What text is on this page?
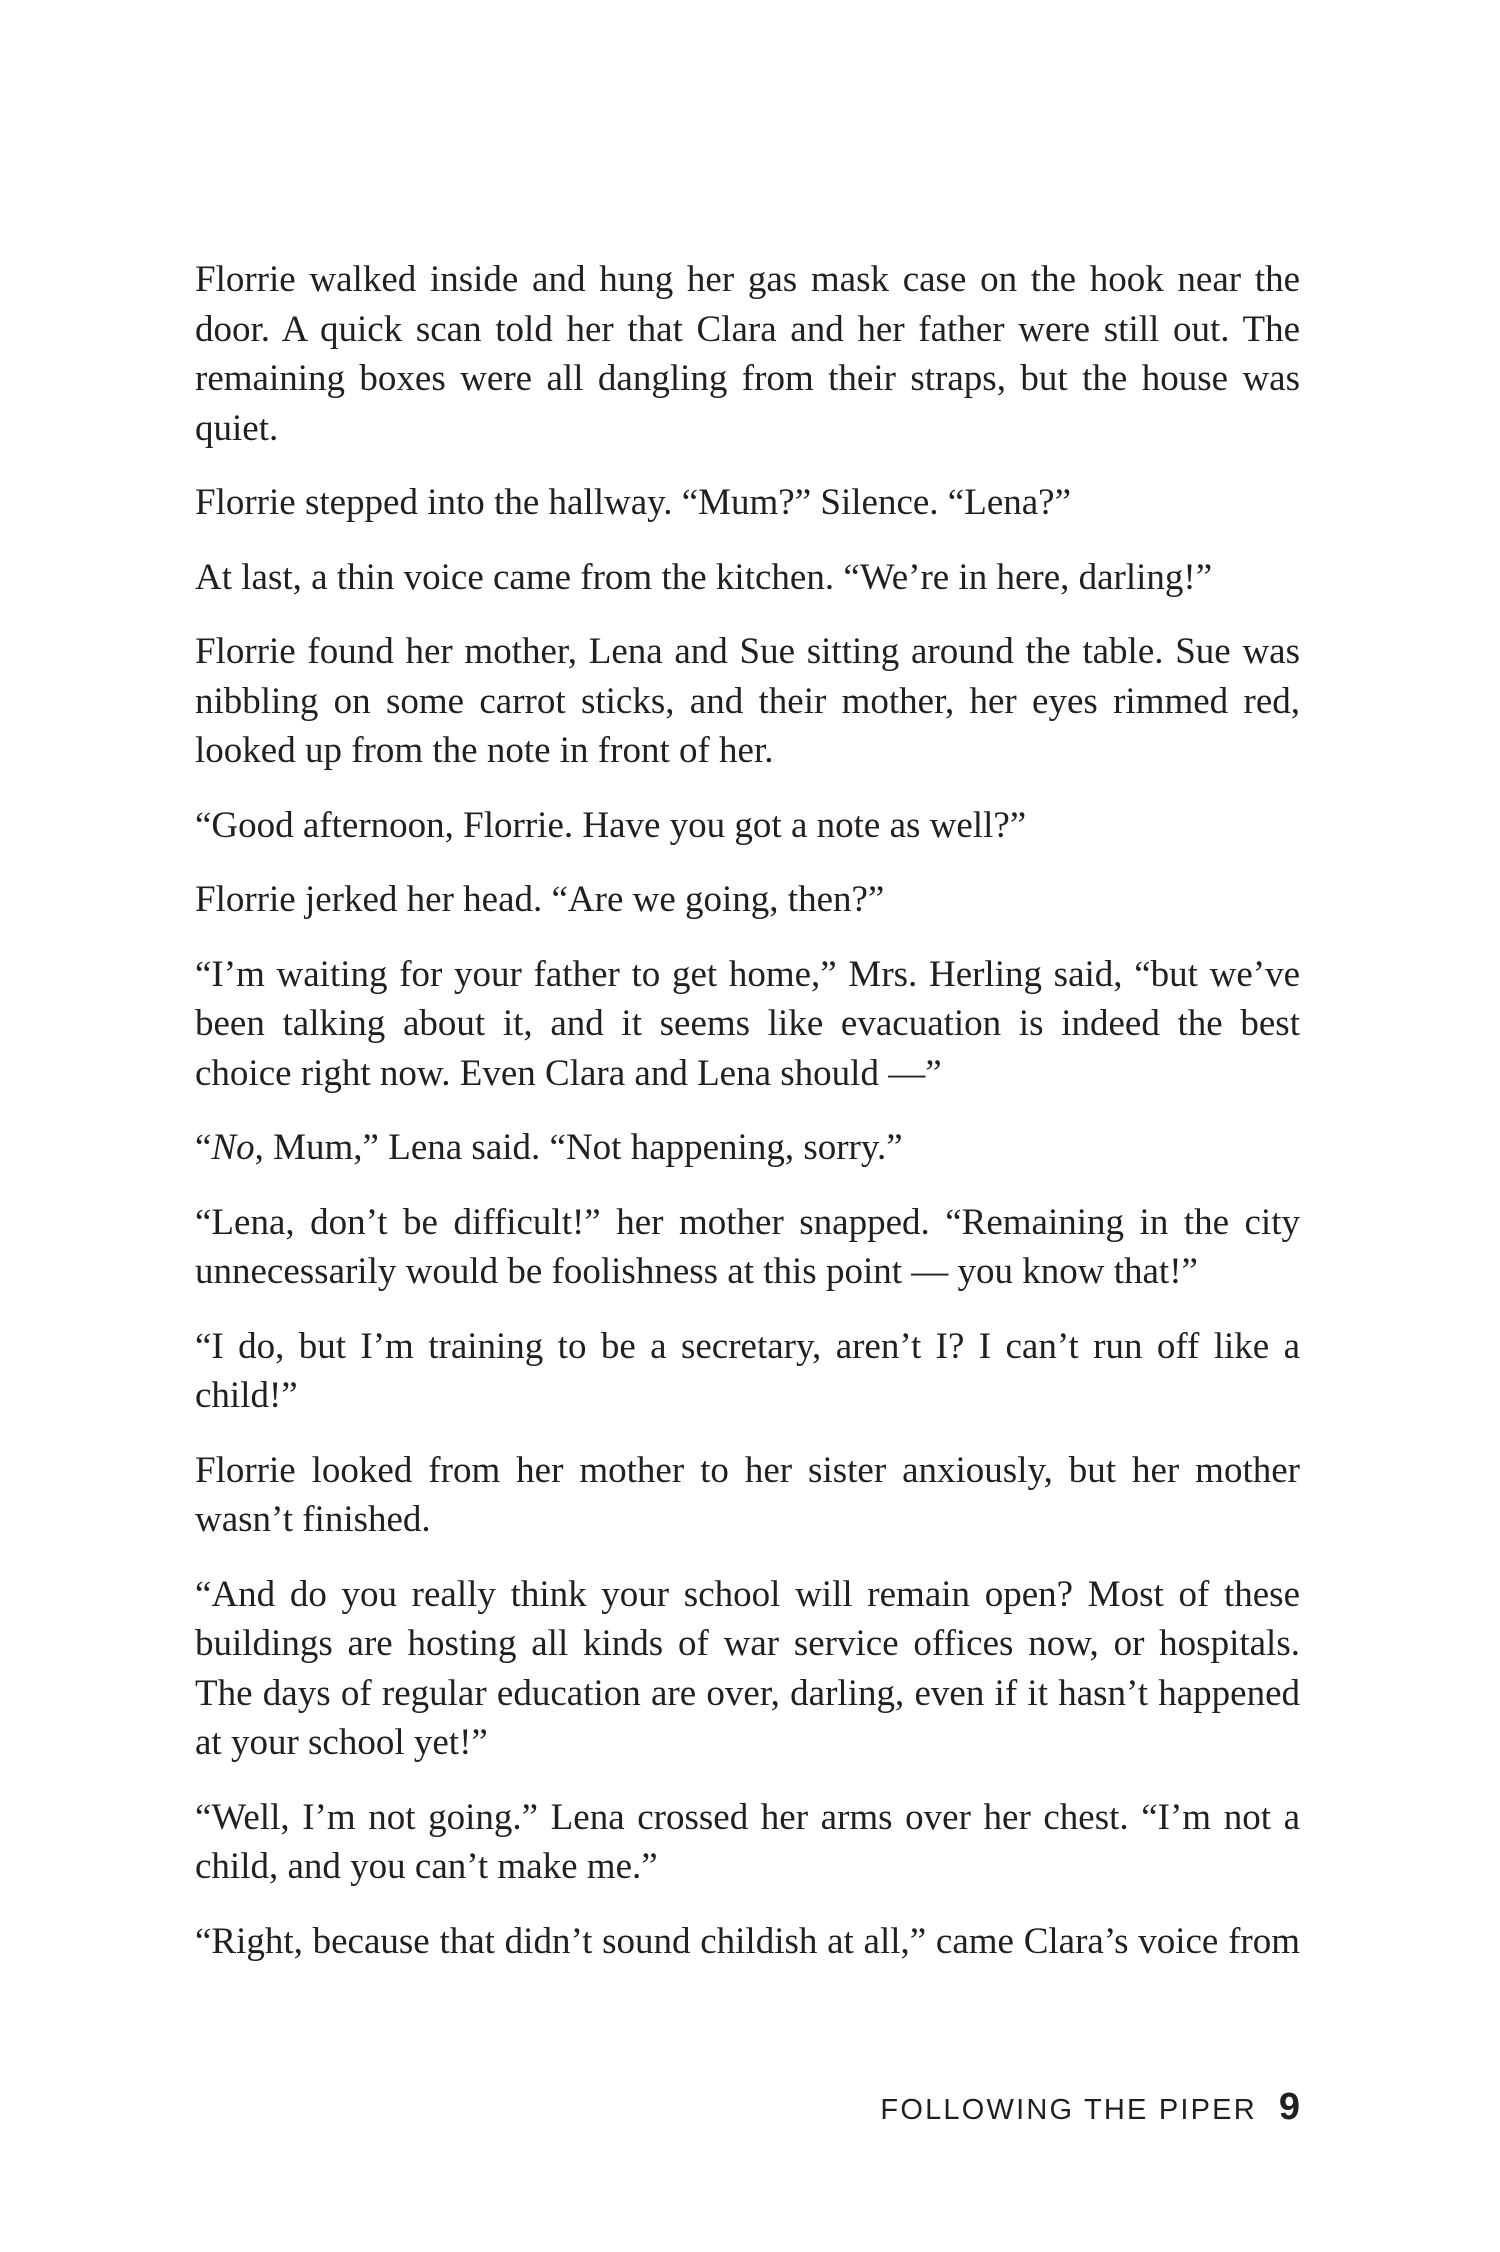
Florrie walked inside and hung her gas mask case on the hook near the door. A quick scan told her that Clara and her father were still out. The remaining boxes were all dangling from their straps, but the house was quiet.

Florrie stepped into the hallway. “Mum?” Silence. “Lena?”

At last, a thin voice came from the kitchen. “We’re in here, darling!”

Florrie found her mother, Lena and Sue sitting around the table. Sue was nibbling on some carrot sticks, and their mother, her eyes rimmed red, looked up from the note in front of her.

“Good afternoon, Florrie. Have you got a note as well?”

Florrie jerked her head. “Are we going, then?”

“I’m waiting for your father to get home,” Mrs. Herling said, “but we’ve been talking about it, and it seems like evacuation is indeed the best choice right now. Even Clara and Lena should —”

“No, Mum,” Lena said. “Not happening, sorry.”

“Lena, don’t be difficult!” her mother snapped. “Remaining in the city unnecessarily would be foolishness at this point — you know that!”

“I do, but I’m training to be a secretary, aren’t I? I can’t run off like a child!”

Florrie looked from her mother to her sister anxiously, but her mother wasn’t finished.

“And do you really think your school will remain open? Most of these buildings are hosting all kinds of war service offices now, or hospitals. The days of regular education are over, darling, even if it hasn’t happened at your school yet!”

“Well, I’m not going.” Lena crossed her arms over her chest. “I’m not a child, and you can’t make me.”

“Right, because that didn’t sound childish at all,” came Clara’s voice from

FOLLOWING THE PIPER 9
